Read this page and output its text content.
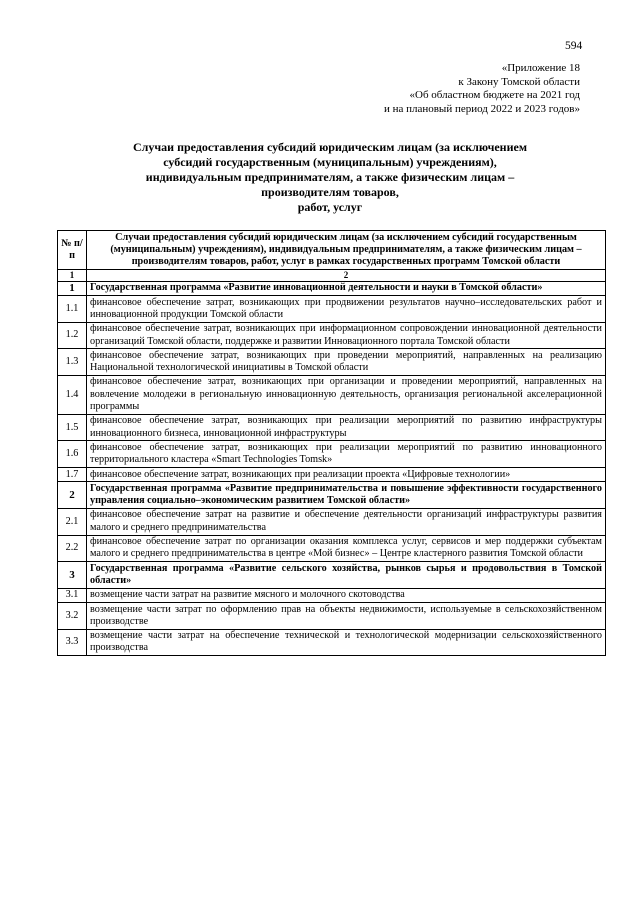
594
«Приложение 18
к Закону Томской области
«Об областном бюджете на 2021 год
и на плановый период 2022 и 2023 годов»
Случаи предоставления субсидий юридическим лицам (за исключением
субсидий государственным (муниципальным) учреждениям),
индивидуальным предпринимателям, а также физическим лицам –
производителям товаров,
работ, услуг
№ п/п	Случаи предоставления субсидий юридическим лицам (за исключением субсидий государственным (муниципальным) учреждениям), индивидуальным предпринимателям, а также физическим лицам – производителям товаров, работ, услуг в рамках государственных программ Томской области
1	2
1	Государственная программа «Развитие инновационной деятельности и науки в Томской области»
1.1	финансовое обеспечение затрат, возникающих при продвижении результатов научно–исследовательских работ и инновационной продукции Томской области
1.2	финансовое обеспечение затрат, возникающих при информационном сопровождении инновационной деятельности организаций Томской области, поддержке и развитии Инновационного портала Томской области
1.3	финансовое обеспечение затрат, возникающих при проведении мероприятий, направленных на реализацию Национальной технологической инициативы в Томской области
1.4	финансовое обеспечение затрат, возникающих при организации и проведении мероприятий, направленных на вовлечение молодежи в региональную инновационную деятельность, организация региональной акселерационной программы
1.5	финансовое обеспечение затрат, возникающих при реализации мероприятий по развитию инфраструктуры инновационного бизнеса, инновационной инфраструктуры
1.6	финансовое обеспечение затрат, возникающих при реализации мероприятий по развитию инновационного территориального кластера «Smart Technologies Tomsk»
1.7	финансовое обеспечение затрат, возникающих при реализации проекта «Цифровые технологии»
2	Государственная программа «Развитие предпринимательства и повышение эффективности государственного управления социально–экономическим развитием Томской области»
2.1	финансовое обеспечение затрат на развитие и обеспечение деятельности организаций инфраструктуры развития малого и среднего предпринимательства
2.2	финансовое обеспечение затрат по организации оказания комплекса услуг, сервисов и мер поддержки субъектам малого и среднего предпринимательства в центре «Мой бизнес» – Центре кластерного развития Томской области
3	Государственная программа «Развитие сельского хозяйства, рынков сырья и продовольствия в Томской области»
3.1	возмещение части затрат на развитие мясного и молочного скотоводства
3.2	возмещение части затрат по оформлению прав на объекты недвижимости, используемые в сельскохозяйственном производстве
3.3	возмещение части затрат на обеспечение технической и технологической модернизации сельскохозяйственного производства
